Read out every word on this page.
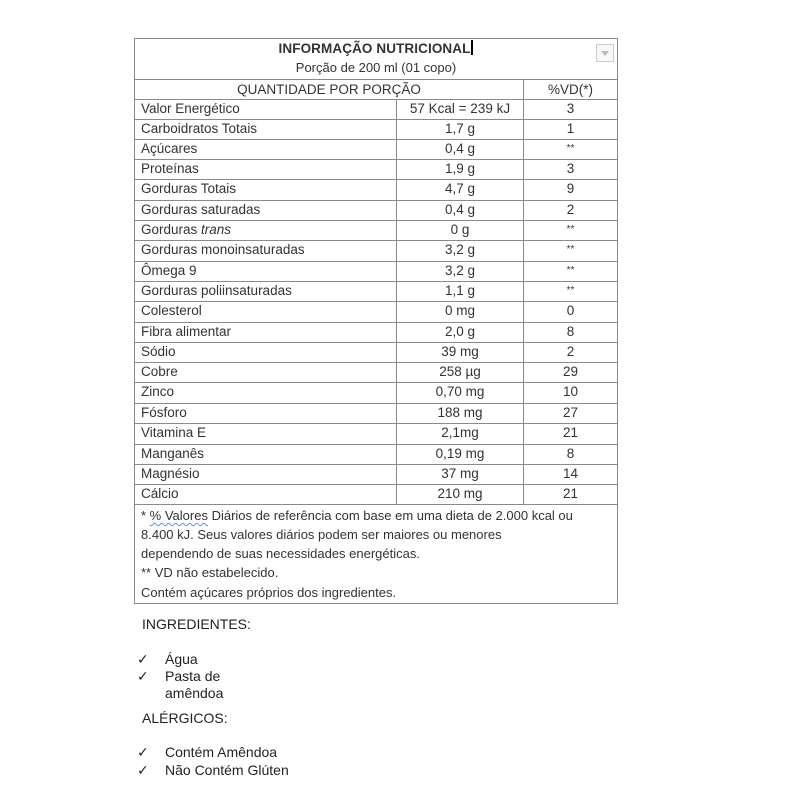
INFORMAÇÃO NUTRICIONAL
Porção de 200 ml (01 copo)
QUANTIDADE POR PORÇÃO	%VD(*)
Valor Energético	57 Kcal = 239 kJ	3
Carboidratos Totais	1,7 g	1
Açúcares	0,4 g	**
Proteínas	1,9 g	3
Gorduras Totais	4,7 g	9
Gorduras saturadas	0,4 g	2
Gorduras trans	0 g	**
Gorduras monoinsaturadas	3,2 g	**
Ômega 9	3,2 g	**
Gorduras poliinsaturadas	1,1 g	**
Colesterol	0 mg	0
Fibra alimentar	2,0 g	8
Sódio	39 mg	2
Cobre	258 µg	29
Zinco	0,70 mg	10
Fósforo	188 mg	27
Vitamina E	2,1mg	21
Manganês	0,19 mg	8
Magnésio	37 mg	14
Cálcio	210 mg	21
* % Valores Diários de referência com base em uma dieta de 2.000 kcal ou
8.400 kJ. Seus valores diários podem ser maiores ou menores
dependendo de suas necessidades energéticas.
** VD não estabelecido.
Contém açúcares próprios dos ingredientes.
INGREDIENTES:
✓ Água
✓ Pasta de
amêndoa
ALÉRGICOS:
✓ Contém Amêndoa
✓ Não Contém Glúten
